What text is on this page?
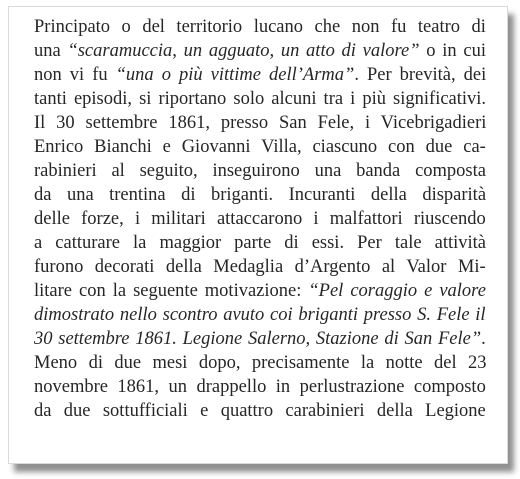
Principato o del territorio lucano che non fu teatro di
una “scaramuccia, un agguato, un atto di valore” o in cui
non vi fu “una o più vittime dell’Arma”. Per brevità, dei
tanti episodi, si riportano solo alcuni tra i più significativi.
Il 30 settembre 1861, presso San Fele, i Vicebrigadieri
Enrico Bianchi e Giovanni Villa, ciascuno con due ca-
rabinieri al seguito, inseguirono una banda composta
da una trentina di briganti. Incuranti della disparità
delle forze, i militari attaccarono i malfattori riuscendo
a catturare la maggior parte di essi. Per tale attività
furono decorati della Medaglia d’Argento al Valor Mi-
litare con la seguente motivazione: “Pel coraggio e valore
dimostrato nello scontro avuto coi briganti presso S. Fele il
30 settembre 1861. Legione Salerno, Stazione di San Fele”.
Meno di due mesi dopo, precisamente la notte del 23
novembre 1861, un drappello in perlustrazione composto
da due sottufficiali e quattro carabinieri della Legione
